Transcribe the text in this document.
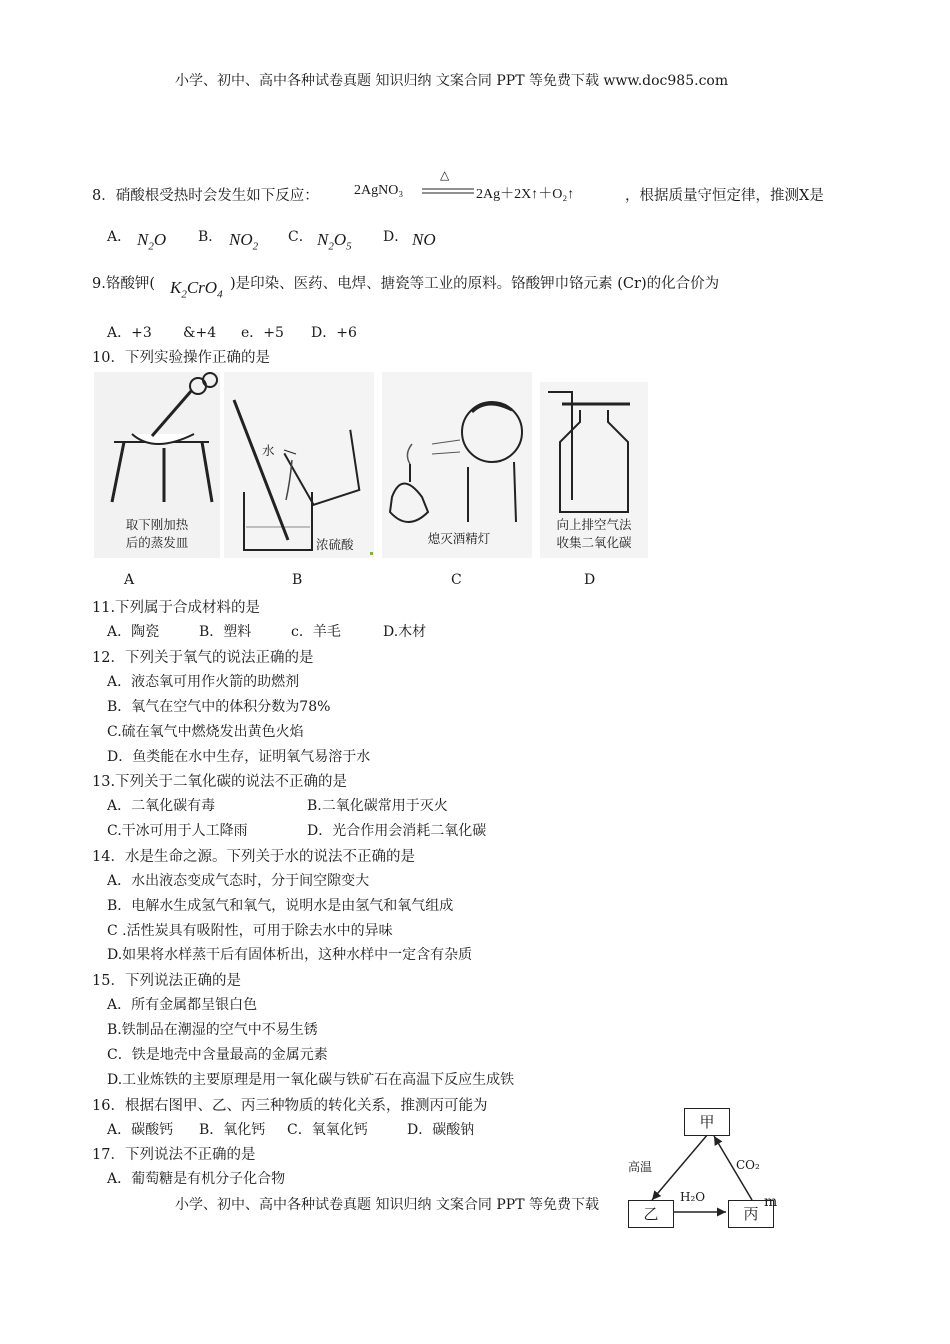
小学、初中、高中各种试卷真题 知识归纳 文案合同 PPT 等免费下载 www.doc985.com
8．硝酸根受热时会发生如下反应：	2AgNO₃
△
2Ag＋2X↑＋O₂↑	，根据质量守恒定律，推测X是
A． $N_2O$ B． $NO_2$
C． $N_2O_5$
D． NO
9.铬酸钾( $K_2CrO_4$
)是印染、医药、电焊、搪瓷等工业的原料。铬酸钾巾铬元素 (Cr)的化合价为
A．+3 &+4 e．+5 D．+6
10．下列实验操作正确的是
取下刚加热
后的蒸发皿
水
浓硫酸	熄灭酒精灯
向上排空气法
收集二氧化碳
A	B	C	D
11.下列属于合成材料的是
A．陶瓷	B．塑料	c．羊毛	D.木材
12．下列关于氧气的说法正确的是
A．液态氧可用作火箭的助燃剂
B．氧气在空气中的体积分数为78%
C.硫在氧气中燃烧发出黄色火焰
D．鱼类能在水中生存，证明氧气易溶于水
13.下列关于二氧化碳的说法不正确的是
A．二氧化碳有毒	B.二氧化碳常用于灭火
C.干冰可用于人工降雨	D．光合作用会消耗二氧化碳
14．水是生命之源。下列关于水的说法不正确的是
A．水出液态变成气态时，分于间空隙变大
B．电解水生成氢气和氧气，说明水是由氢气和氧气组成
C .活性炭具有吸附性，可用于除去水中的异味
D.如果将水样蒸干后有固体析出，这种水样中一定含有杂质
15．下列说法正确的是
A．所有金属都呈银白色
B.铁制品在潮湿的空气中不易生锈
C．铁是地壳中含量最高的金属元素
D.工业炼铁的主要原理是用一氧化碳与铁矿石在高温下反应生成铁
16．根据右图甲、乙、丙三种物质的转化关系，推测丙可能为
A．碳酸钙 B．氧化钙 C．氧氧化钙	D．碳酸钠	甲
乙	丙
高温	CO₂
H₂O
17．下列说法不正确的是
A．葡萄糖是有机分子化合物
小学、初中、高中各种试卷真题 知识归纳 文案合同 PPT 等免费下载	m
